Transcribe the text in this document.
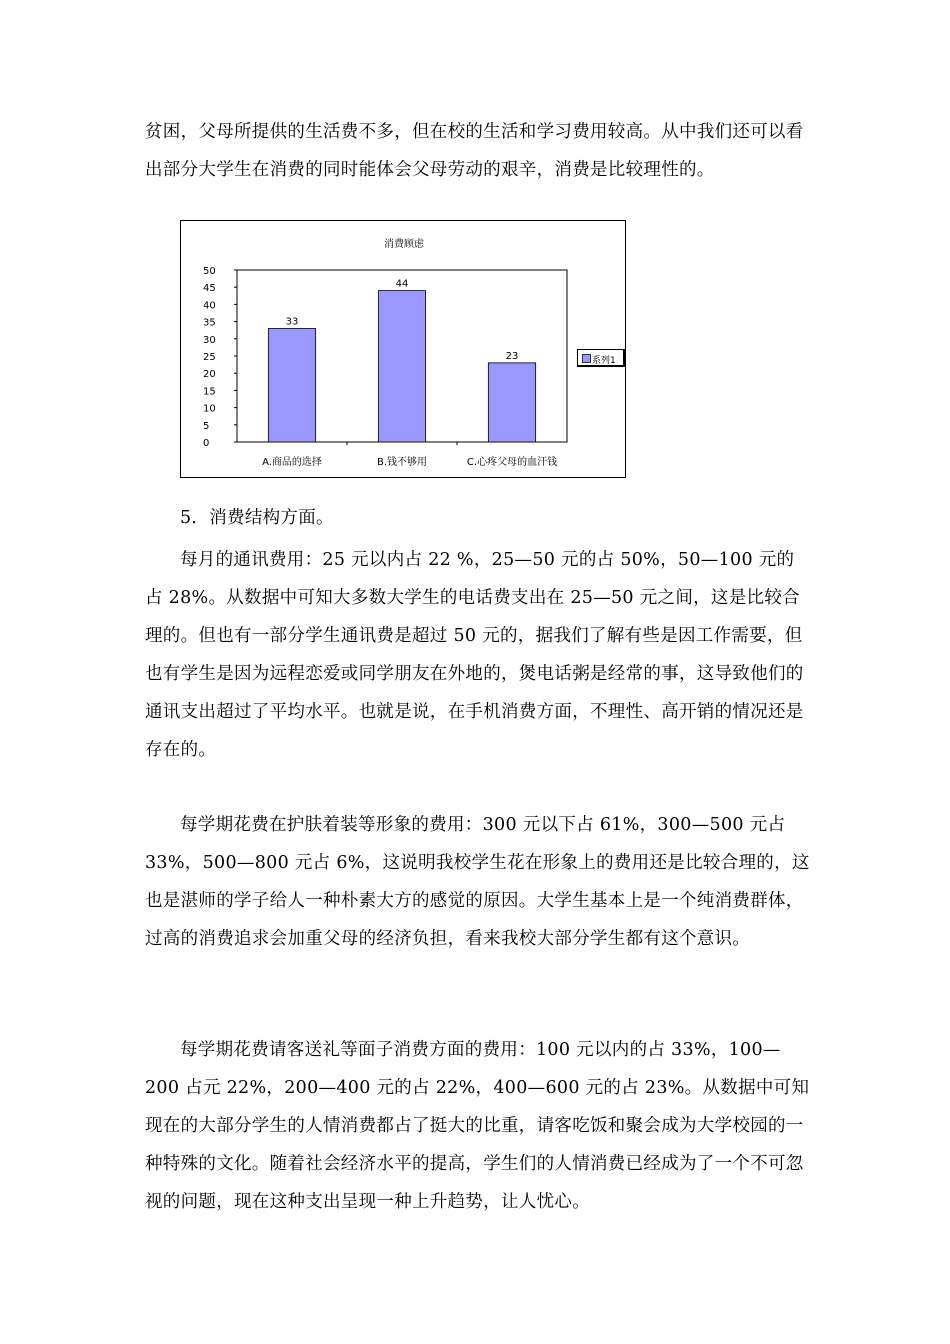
贫困，父母所提供的生活费不多，但在校的生活和学习费用较高。从中我们还可以看出部分大学生在消费的同时能体会父母劳动的艰辛，消费是比较理性的。

消费顾虑
0
5
10
15
20
25
30
35
40
45
50
33
A.商品的选择
44
B.钱不够用
23
C.心疼父母的血汗钱
系列1

5．消费结构方面。

每月的通讯费用：25 元以内占 22 %，25—50 元的占 50%，50—100 元的占 28%。从数据中可知大多数大学生的电话费支出在 25—50 元之间，这是比较合理的。但也有一部分学生通讯费是超过 50 元的，据我们了解有些是因工作需要，但也有学生是因为远程恋爱或同学朋友在外地的，煲电话粥是经常的事，这导致他们的通讯支出超过了平均水平。也就是说，在手机消费方面，不理性、高开销的情况还是存在的。

每学期花费在护肤着装等形象的费用：300 元以下占 61%，300—500 元占 33%，500—800 元占 6%，这说明我校学生花在形象上的费用还是比较合理的，这也是湛师的学子给人一种朴素大方的感觉的原因。大学生基本上是一个纯消费群体，过高的消费追求会加重父母的经济负担，看来我校大部分学生都有这个意识。

每学期花费请客送礼等面子消费方面的费用：100 元以内的占 33%，100—200 占元 22%，200—400 元的占 22%，400—600 元的占 23%。从数据中可知现在的大部分学生的人情消费都占了挺大的比重，请客吃饭和聚会成为大学校园的一种特殊的文化。随着社会经济水平的提高，学生们的人情消费已经成为了一个不可忽视的问题，现在这种支出呈现一种上升趋势，让人忧心。
